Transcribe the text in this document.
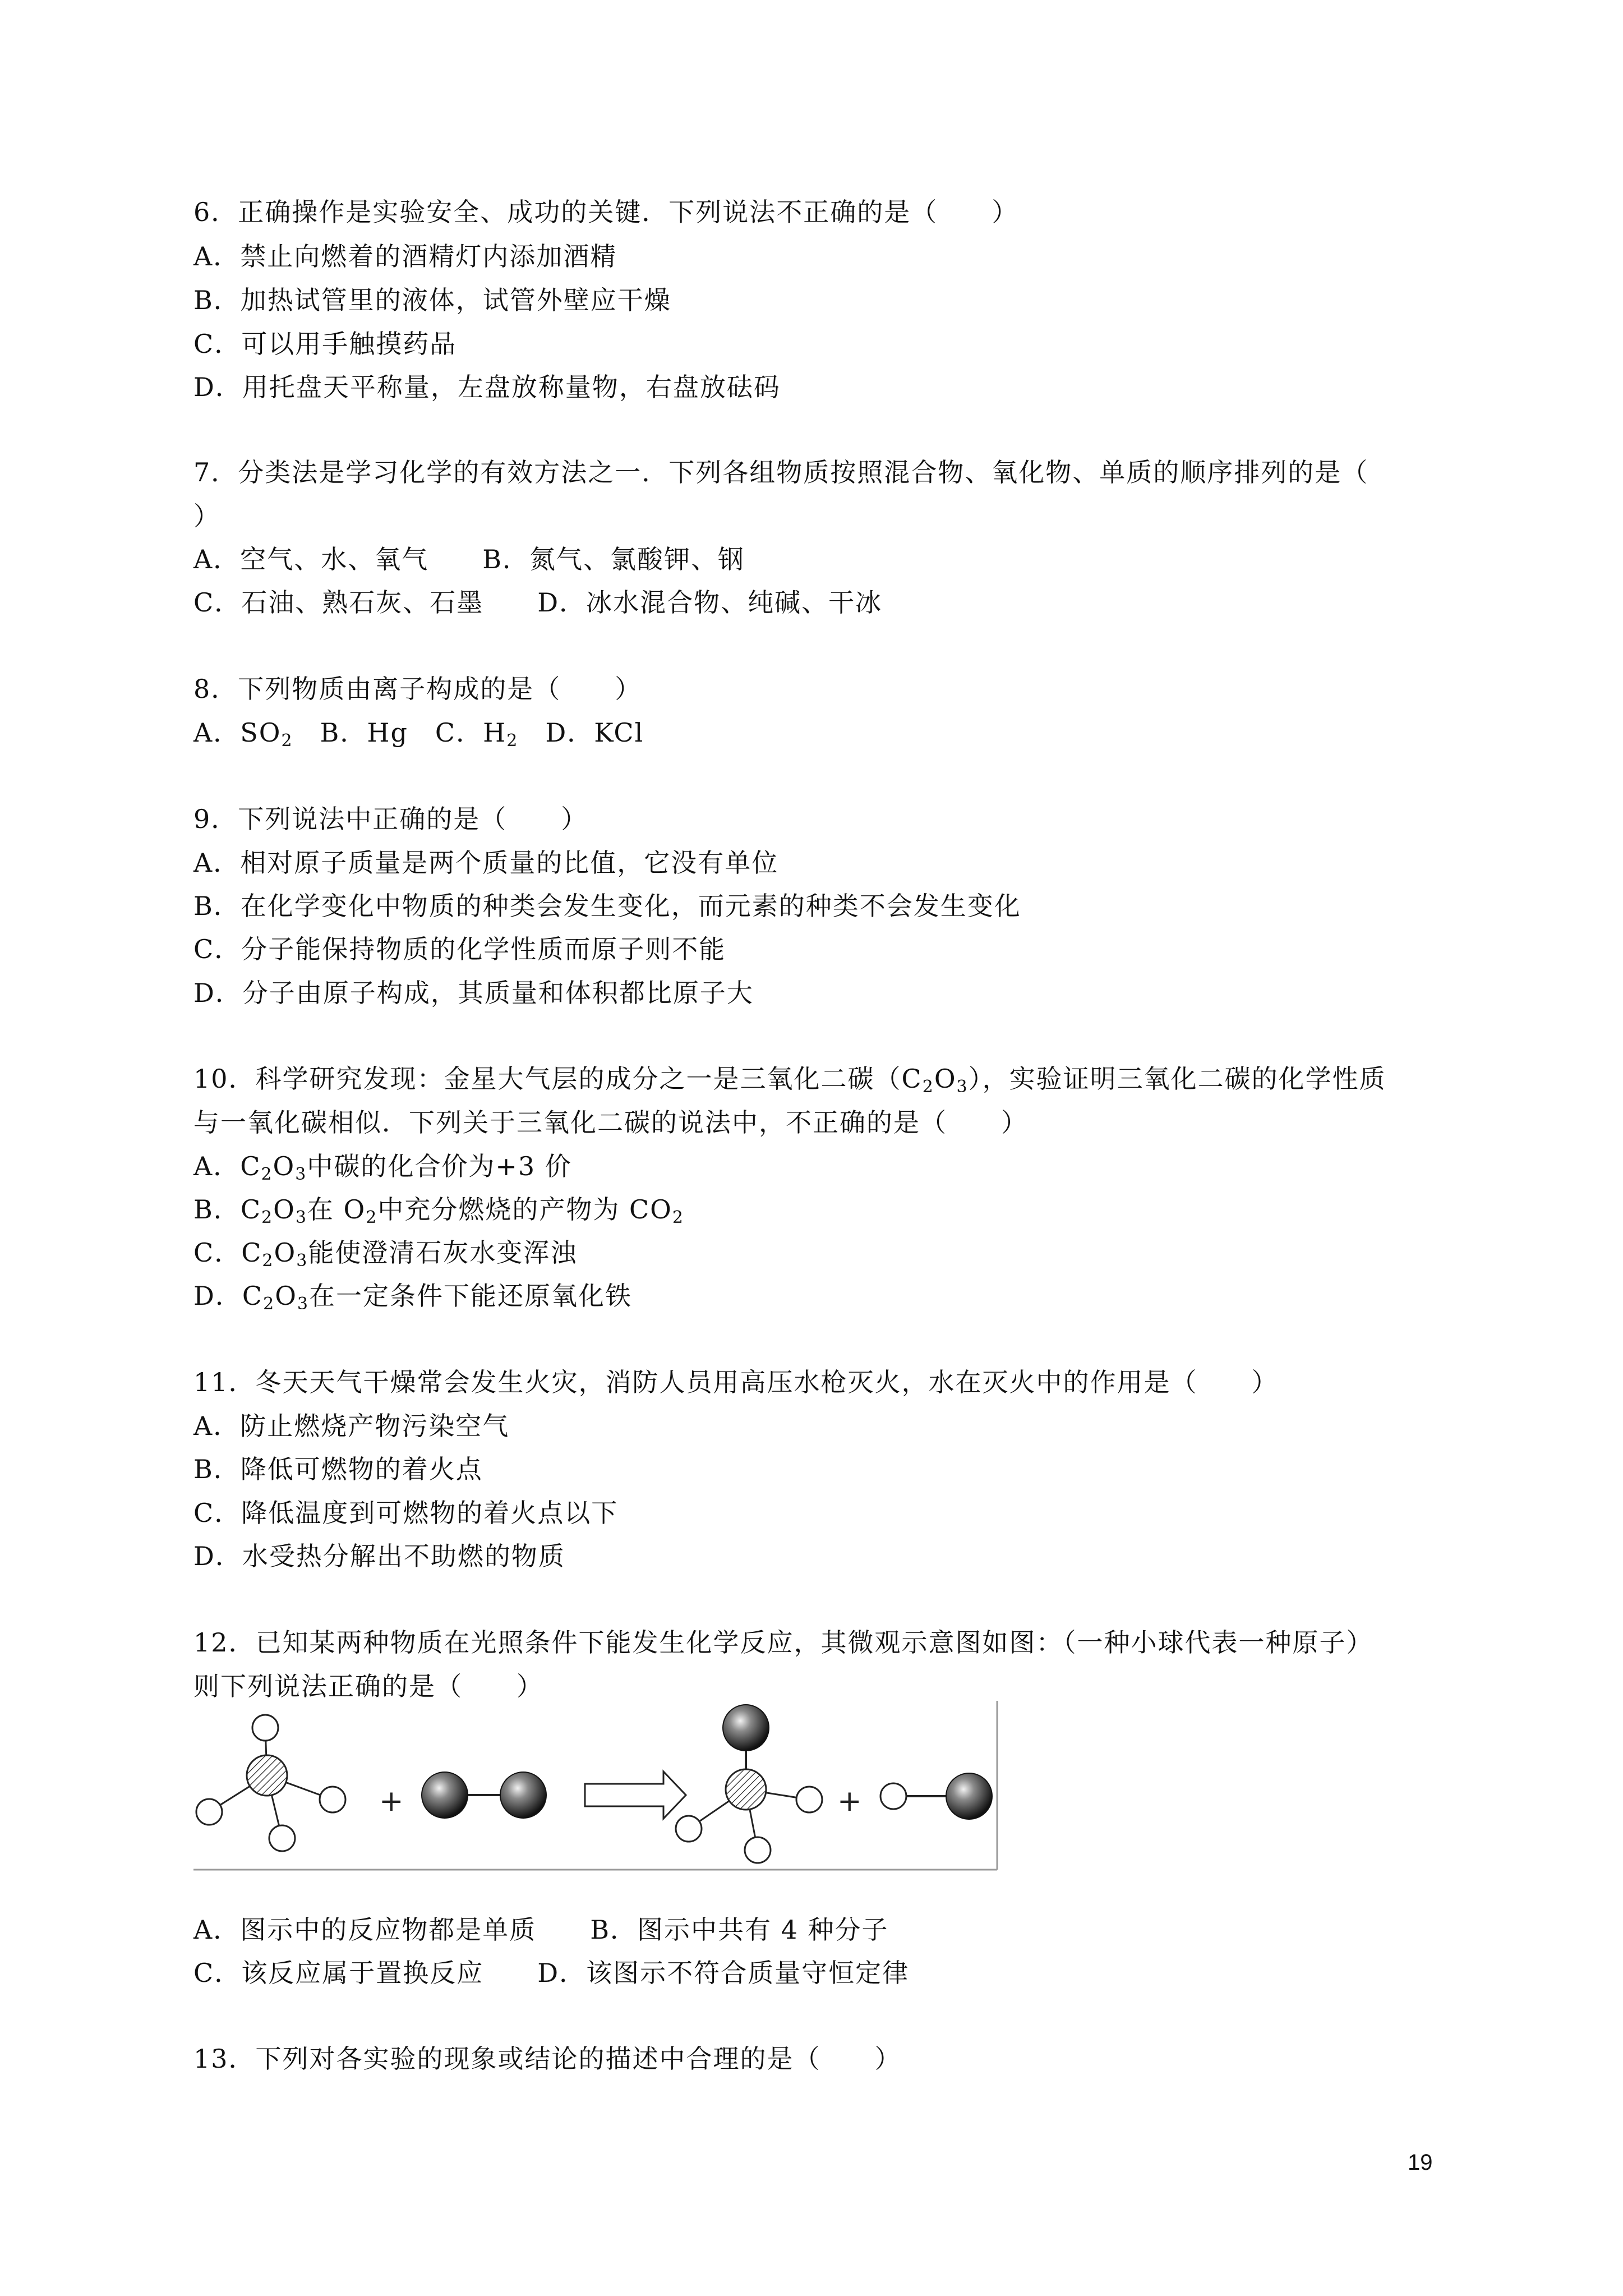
6．正确操作是实验安全、成功的关键．下列说法不正确的是（　　）
A．禁止向燃着的酒精灯内添加酒精
B．加热试管里的液体，试管外壁应干燥
C．可以用手触摸药品
D．用托盘天平称量，左盘放称量物，右盘放砝码
7．分类法是学习化学的有效方法之一．下列各组物质按照混合物、氧化物、单质的顺序排列的是（
）
A．空气、水、氧气　　B．氮气、氯酸钾、钢
C．石油、熟石灰、石墨　　D．冰水混合物、纯碱、干冰
8．下列物质由离子构成的是（　　）
A．$SO_2$　B．Hg　C．$H_2$　D．KCl
9．下列说法中正确的是（　　）
A．相对原子质量是两个质量的比值，它没有单位
B．在化学变化中物质的种类会发生变化，而元素的种类不会发生变化
C．分子能保持物质的化学性质而原子则不能
D．分子由原子构成，其质量和体积都比原子大
10．科学研究发现：金星大气层的成分之一是三氧化二碳$(C_2O_3)$，实验证明三氧化二碳的化学性质
与一氧化碳相似．下列关于三氧化二碳的说法中，不正确的是（　　）
A．$C_2O_3$中碳的化合价为+3 价
B．$C_2O_3$在 $O_2$中充分燃烧的产物为 $CO_2$
C．$C_2O_3$能使澄清石灰水变浑浊
D．$C_2O_3$在一定条件下能还原氧化铁
11．冬天天气干燥常会发生火灾，消防人员用高压水枪灭火，水在灭火中的作用是（　　）
A．防止燃烧产物污染空气
B．降低可燃物的着火点
C．降低温度到可燃物的着火点以下
D．水受热分解出不助燃的物质
12．已知某两种物质在光照条件下能发生化学反应，其微观示意图如图：（一种小球代表一种原子）
则下列说法正确的是（　　）
+	+
A．图示中的反应物都是单质　　B．图示中共有 4 种分子
C．该反应属于置换反应　　D．该图示不符合质量守恒定律
13．下列对各实验的现象或结论的描述中合理的是（　　）
19
